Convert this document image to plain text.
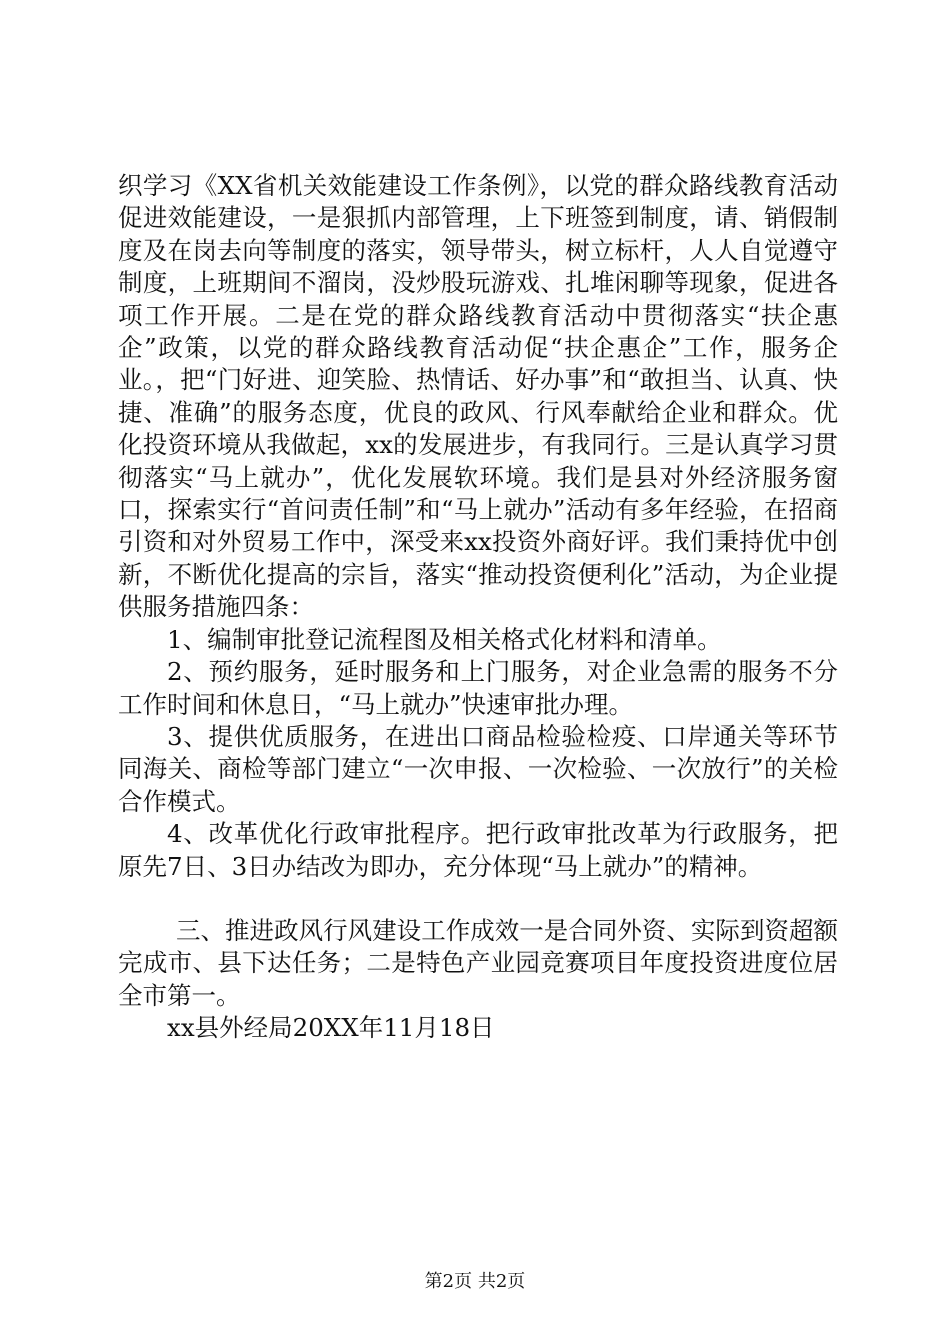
织学习《XX省机关效能建设工作条例》，以党的群众路线教育活动促进效能建设，一是狠抓内部管理，上下班签到制度，请、销假制度及在岗去向等制度的落实，领导带头，树立标杆，人人自觉遵守制度，上班期间不溜岗，没炒股玩游戏、扎堆闲聊等现象，促进各项工作开展。二是在党的群众路线教育活动中贯彻落实“扶企惠企”政策，以党的群众路线教育活动促“扶企惠企”工作，服务企业。，把“门好进、迎笑脸、热情话、好办事”和“敢担当、认真、快捷、准确”的服务态度，优良的政风、行风奉献给企业和群众。优化投资环境从我做起，xx的发展进步，有我同行。三是认真学习贯彻落实“马上就办”，优化发展软环境。我们是县对外经济服务窗口，探索实行“首问责任制”和“马上就办”活动有多年经验，在招商引资和对外贸易工作中，深受来xx投资外商好评。我们秉持优中创新，不断优化提高的宗旨，落实“推动投资便利化”活动，为企业提供服务措施四条：

1、编制审批登记流程图及相关格式化材料和清单。

2、预约服务，延时服务和上门服务，对企业急需的服务不分工作时间和休息日，“马上就办”快速审批办理。

3、提供优质服务，在进出口商品检验检疫、口岸通关等环节同海关、商检等部门建立“一次申报、一次检验、一次放行”的关检合作模式。

4、改革优化行政审批程序。把行政审批改革为行政服务，把原先7日、3日办结改为即办，充分体现“马上就办”的精神。

三、推进政风行风建设工作成效一是合同外资、实际到资超额完成市、县下达任务；二是特色产业园竞赛项目年度投资进度位居全市第一。

xx县外经局20XX年11月18日

第2页 共2页
